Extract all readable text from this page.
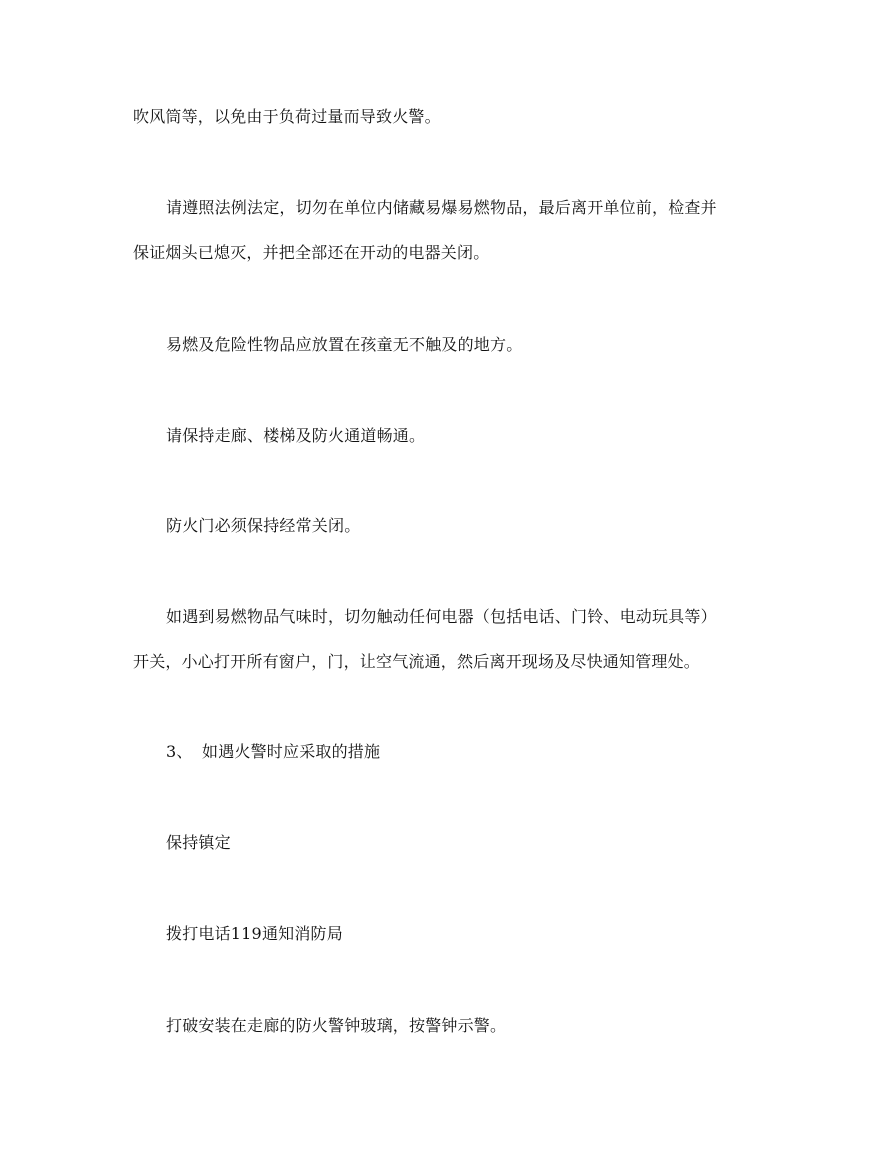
吹风筒等，以免由于负荷过量而导致火警。

请遵照法例法定，切勿在单位内储藏易爆易燃物品，最后离开单位前，检查并

保证烟头已熄灭，并把全部还在开动的电器关闭。

易燃及危险性物品应放置在孩童无不触及的地方。

请保持走廊、楼梯及防火通道畅通。

防火门必须保持经常关闭。

如遇到易燃物品气味时，切勿触动任何电器（包括电话、门铃、电动玩具等）

开关，小心打开所有窗户，门，让空气流通，然后离开现场及尽快通知管理处。

3、 如遇火警时应采取的措施

保持镇定

拨打电话119通知消防局

打破安装在走廊的防火警钟玻璃，按警钟示警。
